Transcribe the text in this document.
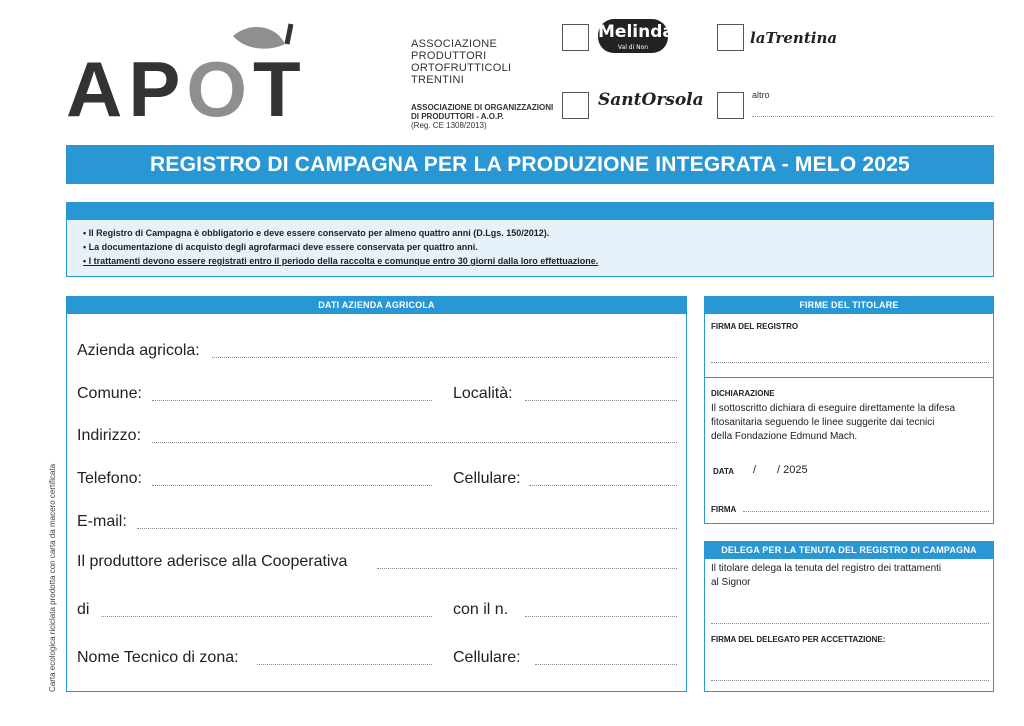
APOT
ASSOCIAZIONE
PRODUTTORI
ORTOFRUTTICOLI
TRENTINI
ASSOCIAZIONE DI ORGANIZZAZIONI
DI PRODUTTORI - A.O.P.
(Reg. CE 1308/2013)
Melinda
Val di Non
laTrentina
SantOrsola	altro
REGISTRO DI CAMPAGNA PER LA PRODUZIONE INTEGRATA - MELO 2025
• Il Registro di Campagna è obbligatorio e deve essere conservato per almeno quattro anni (D.Lgs. 150/2012).
• La documentazione di acquisto degli agrofarmaci deve essere conservata per quattro anni.
• I trattamenti devono essere registrati entro il periodo della raccolta e comunque entro 30 giorni dalla loro effettuazione.
DATI AZIENDA AGRICOLA
Azienda agricola:
Comune:	Località:
Indirizzo:
Telefono:	Cellulare:
E-mail:
Il produttore aderisce alla Cooperativa
di	con il n.
Nome Tecnico di zona:	Cellulare:
FIRME DEL TITOLARE
FIRMA DEL REGISTRO
DICHIARAZIONE
Il sottoscritto dichiara di eseguire direttamente la difesa
fitosanitaria seguendo le linee suggerite dai tecnici
della Fondazione Edmund Mach.
DATA / / 2025
FIRMA
DELEGA PER LA TENUTA DEL REGISTRO DI CAMPAGNA
Il titolare delega la tenuta del registro dei trattamenti
al Signor
FIRMA DEL DELEGATO PER ACCETTAZIONE:
Carta ecologica riciclata prodotta con carta da macero certificata
